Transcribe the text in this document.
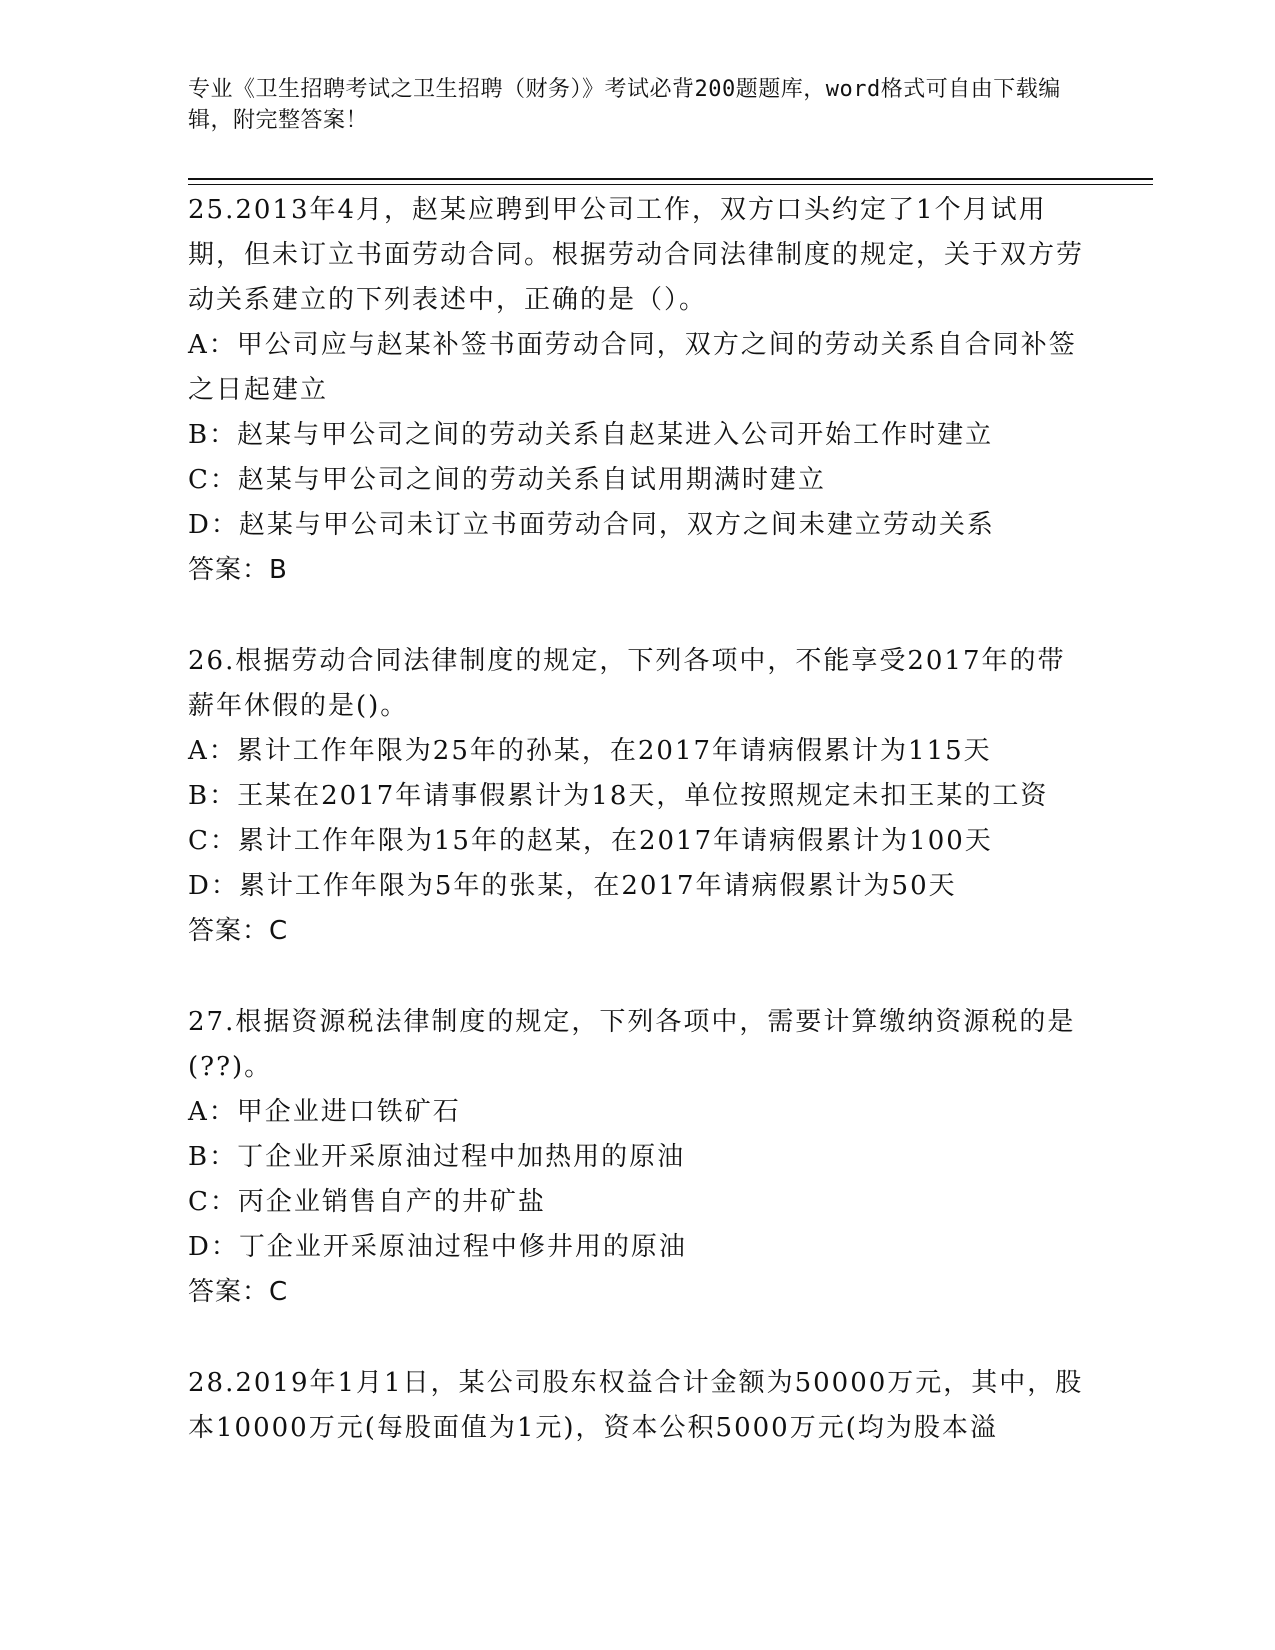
专业《卫生招聘考试之卫生招聘（财务）》考试必背200题题库，word格式可自由下载编辑，附完整答案！

25.2013年4月，赵某应聘到甲公司工作，双方口头约定了1个月试用期，但未订立书面劳动合同。根据劳动合同法律制度的规定，关于双方劳动关系建立的下列表述中，正确的是（）。

A：甲公司应与赵某补签书面劳动合同，双方之间的劳动关系自合同补签之日起建立

B：赵某与甲公司之间的劳动关系自赵某进入公司开始工作时建立

C：赵某与甲公司之间的劳动关系自试用期满时建立

D：赵某与甲公司未订立书面劳动合同，双方之间未建立劳动关系

答案：B

26.根据劳动合同法律制度的规定，下列各项中，不能享受2017年的带薪年休假的是()。

A：累计工作年限为25年的孙某，在2017年请病假累计为115天

B：王某在2017年请事假累计为18天，单位按照规定未扣王某的工资

C：累计工作年限为15年的赵某，在2017年请病假累计为100天

D：累计工作年限为5年的张某，在2017年请病假累计为50天

答案：C

27.根据资源税法律制度的规定，下列各项中，需要计算缴纳资源税的是(??)。

A：甲企业进口铁矿石

B：丁企业开采原油过程中加热用的原油

C：丙企业销售自产的井矿盐

D：丁企业开采原油过程中修井用的原油

答案：C

28.2019年1月1日，某公司股东权益合计金额为50000万元，其中，股本10000万元(每股面值为1元)，资本公积5000万元(均为股本溢
